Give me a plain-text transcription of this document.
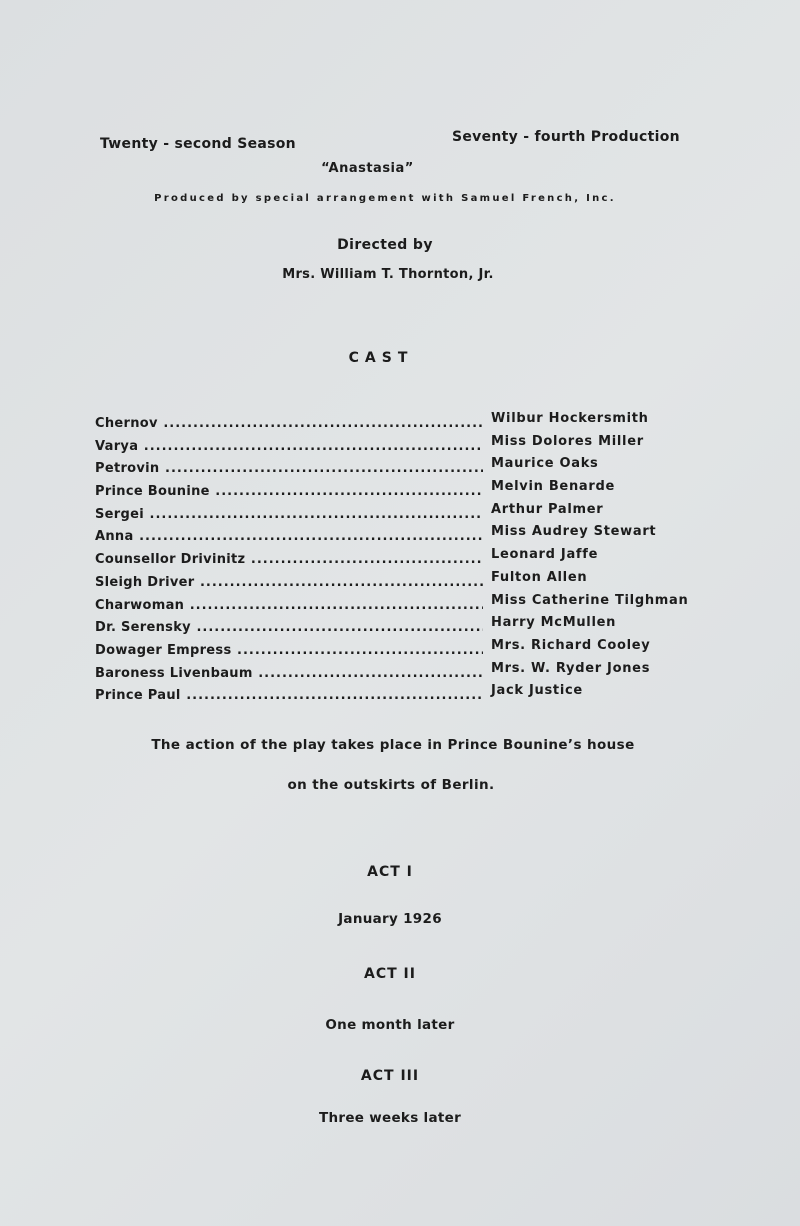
Twenty - second Season	Seventy - fourth Production
“Anastasia”
Produced by special arrangement with Samuel French, Inc.
Directed by
Mrs. William T. Thornton, Jr.
CAST
Chernov .....	Wilbur Hockersmith
Varya .....	Miss Dolores Miller
Petrovin .....	Maurice Oaks
Prince Bounine .....	Melvin Benarde
Sergei .....	Arthur Palmer
Anna .....	Miss Audrey Stewart
Counsellor Drivinitz .....	Leonard Jaffe
Sleigh Driver .....	Fulton Allen
Charwoman .....	Miss Catherine Tilghman
Dr. Serensky .....	Harry McMullen
Dowager Empress .....	Mrs. Richard Cooley
Baroness Livenbaum .....	Mrs. W. Ryder Jones
Prince Paul .....	Jack Justice
The action of the play takes place in Prince Bounine’s house
on the outskirts of Berlin.
ACT I
January 1926
ACT II
One month later
ACT III
Three weeks later
